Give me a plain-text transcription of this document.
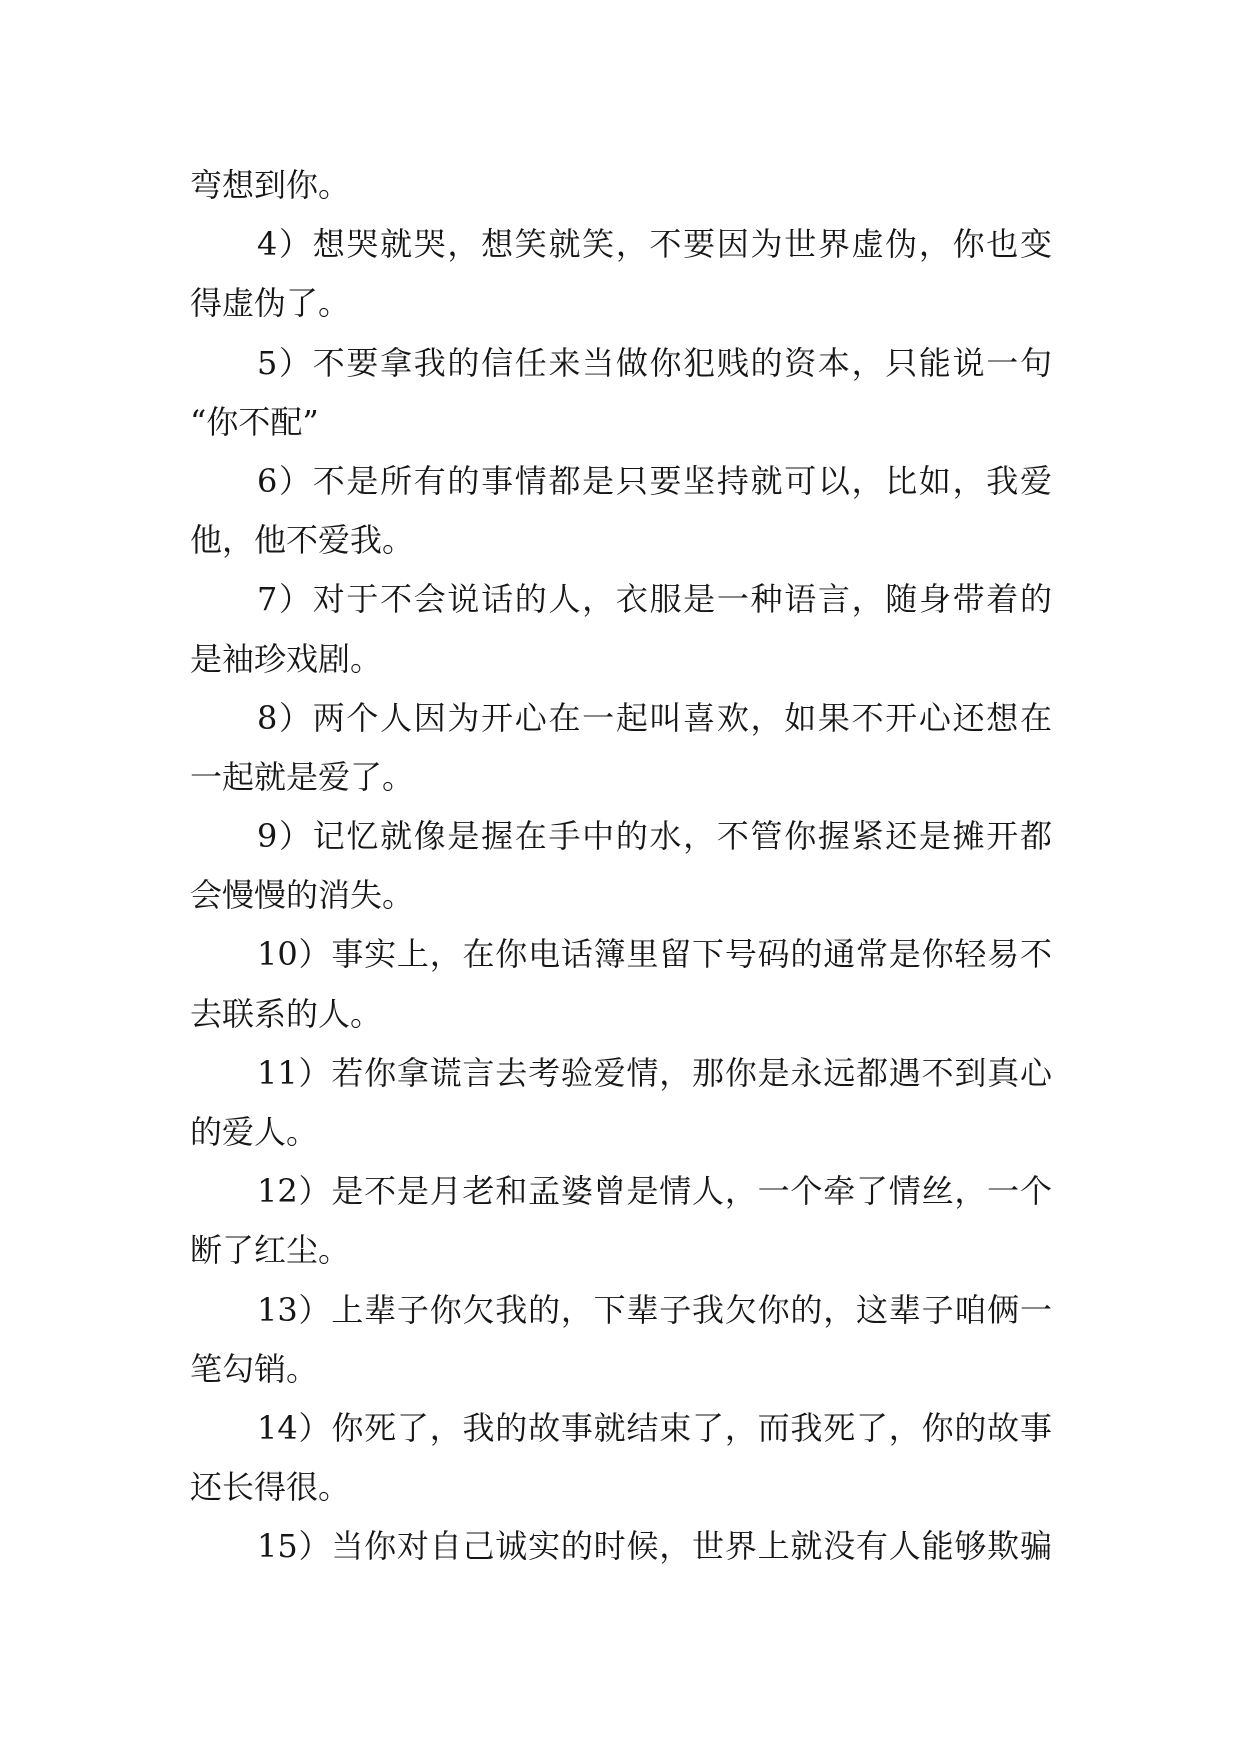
弯想到你。
4）想哭就哭，想笑就笑，不要因为世界虚伪，你也变
得虚伪了。
5）不要拿我的信任来当做你犯贱的资本，只能说一句
“你不配”
6）不是所有的事情都是只要坚持就可以，比如，我爱
他，他不爱我。
7）对于不会说话的人，衣服是一种语言，随身带着的
是袖珍戏剧。
8）两个人因为开心在一起叫喜欢，如果不开心还想在
一起就是爱了。
9）记忆就像是握在手中的水，不管你握紧还是摊开都
会慢慢的消失。
10）事实上，在你电话簿里留下号码的通常是你轻易不
去联系的人。
11）若你拿谎言去考验爱情，那你是永远都遇不到真心
的爱人。
12）是不是月老和孟婆曾是情人，一个牵了情丝，一个
断了红尘。
13）上辈子你欠我的，下辈子我欠你的，这辈子咱俩一
笔勾销。
14）你死了，我的故事就结束了，而我死了，你的故事
还长得很。
15）当你对自己诚实的时候，世界上就没有人能够欺骗
